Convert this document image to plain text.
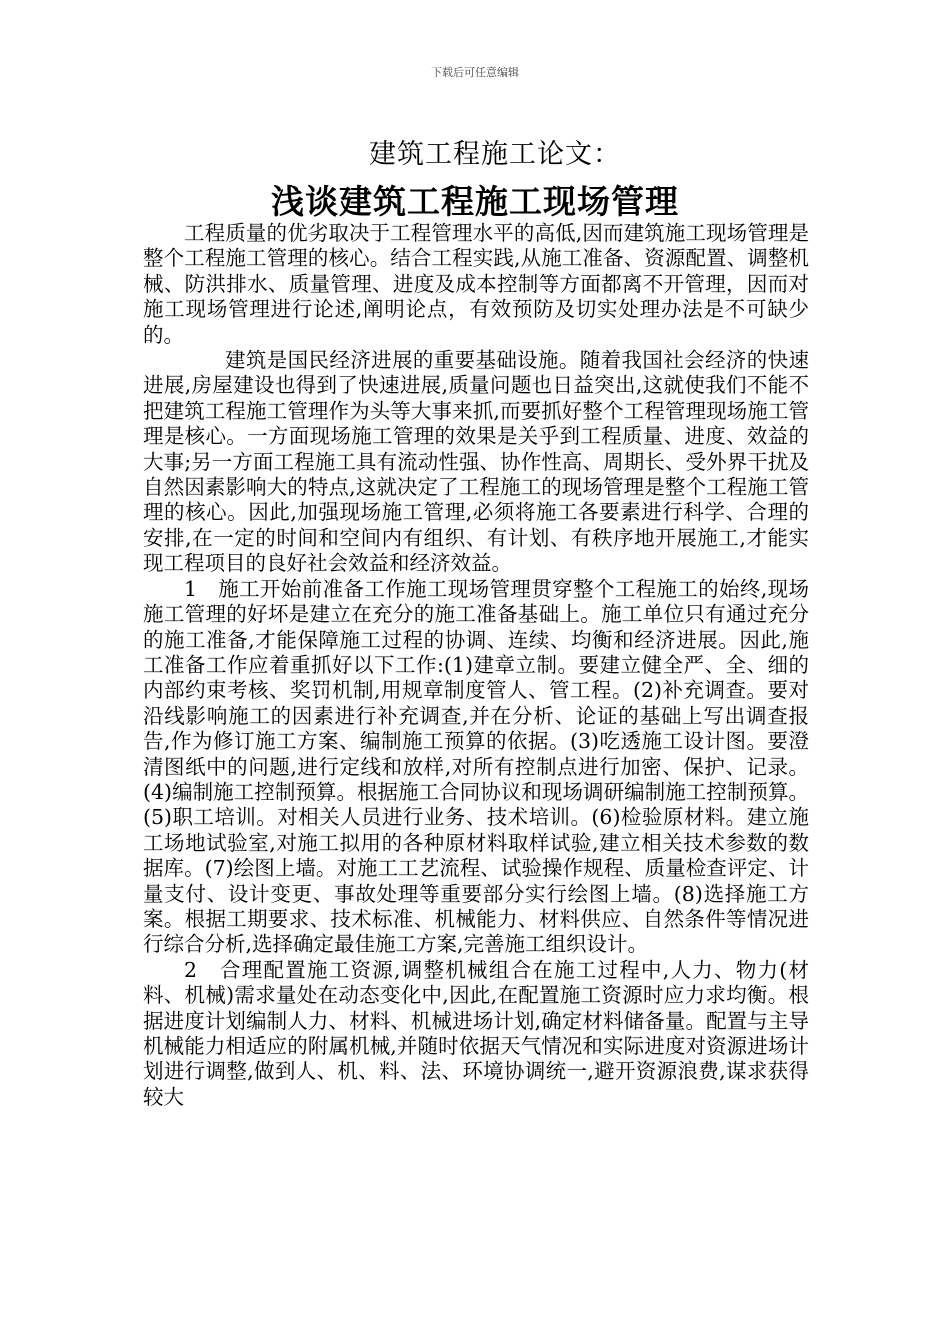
下载后可任意编辑
建筑工程施工论文：
浅谈建筑工程施工现场管理

工程质量的优劣取决于工程管理水平的高低,因而建筑施工现场管理是整个工程施工管理的核心。结合工程实践,从施工准备、资源配置、调整机械、防洪排水、质量管理、进度及成本控制等方面都离不开管理，因而对施工现场管理进行论述,阐明论点，有效预防及切实处理办法是不可缺少的。

建筑是国民经济进展的重要基础设施。随着我国社会经济的快速进展,房屋建设也得到了快速进展,质量问题也日益突出,这就使我们不能不把建筑工程施工管理作为头等大事来抓,而要抓好整个工程管理现场施工管理是核心。一方面现场施工管理的效果是关乎到工程质量、进度、效益的大事;另一方面工程施工具有流动性强、协作性高、周期长、受外界干扰及自然因素影响大的特点,这就决定了工程施工的现场管理是整个工程施工管理的核心。因此,加强现场施工管理,必须将施工各要素进行科学、合理的安排,在一定的时间和空间内有组织、有计划、有秩序地开展施工,才能实现工程项目的良好社会效益和经济效益。

1　施工开始前准备工作施工现场管理贯穿整个工程施工的始终,现场施工管理的好坏是建立在充分的施工准备基础上。施工单位只有通过充分的施工准备,才能保障施工过程的协调、连续、均衡和经济进展。因此,施工准备工作应着重抓好以下工作:(1)建章立制。要建立健全严、全、细的内部约束考核、奖罚机制,用规章制度管人、管工程。(2)补充调查。要对沿线影响施工的因素进行补充调查,并在分析、论证的基础上写出调查报告,作为修订施工方案、编制施工预算的依据。(3)吃透施工设计图。要澄清图纸中的问题,进行定线和放样,对所有控制点进行加密、保护、记录。(4)编制施工控制预算。根据施工合同协议和现场调研编制施工控制预算。(5)职工培训。对相关人员进行业务、技术培训。(6)检验原材料。建立施工场地试验室,对施工拟用的各种原材料取样试验,建立相关技术参数的数据库。(7)绘图上墙。对施工工艺流程、试验操作规程、质量检查评定、计量支付、设计变更、事故处理等重要部分实行绘图上墙。(8)选择施工方案。根据工期要求、技术标准、机械能力、材料供应、自然条件等情况进行综合分析,选择确定最佳施工方案,完善施工组织设计。

2　合理配置施工资源,调整机械组合在施工过程中,人力、物力(材料、机械)需求量处在动态变化中,因此,在配置施工资源时应力求均衡。根据进度计划编制人力、材料、机械进场计划,确定材料储备量。配置与主导机械能力相适应的附属机械,并随时依据天气情况和实际进度对资源进场计划进行调整,做到人、机、料、法、环境协调统一,避开资源浪费,谋求获得较大
